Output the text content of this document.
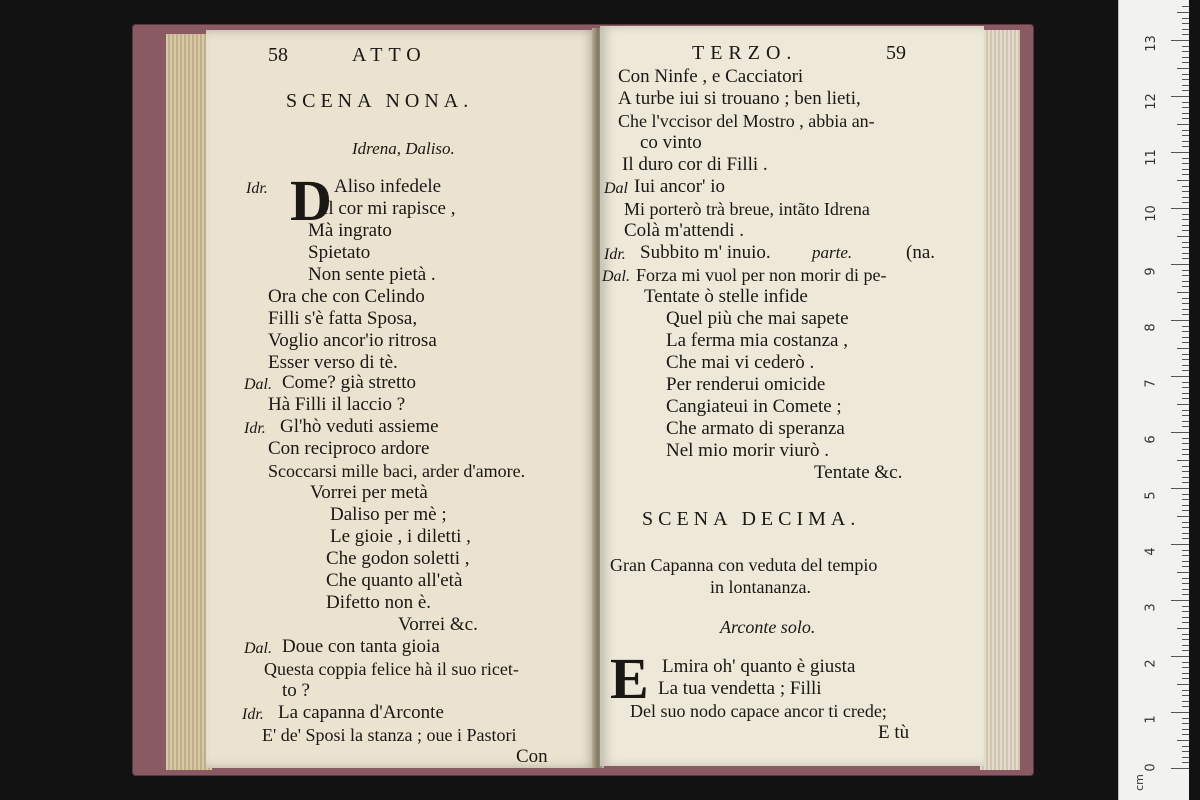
58	ATTO
SCENA NONA.
Idrena, Daliso.
D
Idr.	Aliso infedele
Il cor mi rapisce ,
Mà ingrato
Spietato
Non sente pietà .
Ora che con Celindo
Filli s'è fatta Sposa,
Voglio ancor'io ritrosa
Esser verso di tè.
Dal. Come? già stretto
Hà Filli il laccio ?
Idr. Gl'hò veduti assieme
Con reciproco ardore
Scoccarsi mille baci, arder d'amore.
Vorrei per metà
Daliso per mè ;
Le gioie , i diletti ,
Che godon soletti ,
Che quanto all'età
Difetto non è.
Vorrei &c.
Dal. Doue con tanta gioia
Questa coppia felice hà il suo ricet-
to ?
Idr. La capanna d'Arconte
E' de' Sposi la stanza ; oue i Pastori
Con
TERZO.	59
Con Ninfe , e Cacciatori
A turbe iui si trouano ; ben lieti,
Che l'vccisor del Mostro , abbia an-
co vinto
Il duro cor di Filli .
Dal Iui ancor' io
Mi porterò trà breue, intãto Idrena
Colà m'attendi .
Idr. Subbito m' inuio. parte.	(na.
Dal. Forza mi vuol per non morir di pe-
Tentate ò stelle infide
Quel più che mai sapete
La ferma mia costanza ,
Che mai vi cederò .
Per renderui omicide
Cangiateui in Comete ;
Che armato di speranza
Nel mio morir viurò .
Tentate &c.
SCENA DECIMA.
Gran Capanna con veduta del tempio
in lontananza.
Arconte solo.
E Lmira oh' quanto è giusta
La tua vendetta ; Filli
Del suo nodo capace ancor ti crede;
E tù
0
cm
1
2
3
4
5
6
7
8
9
10
11
12
13
